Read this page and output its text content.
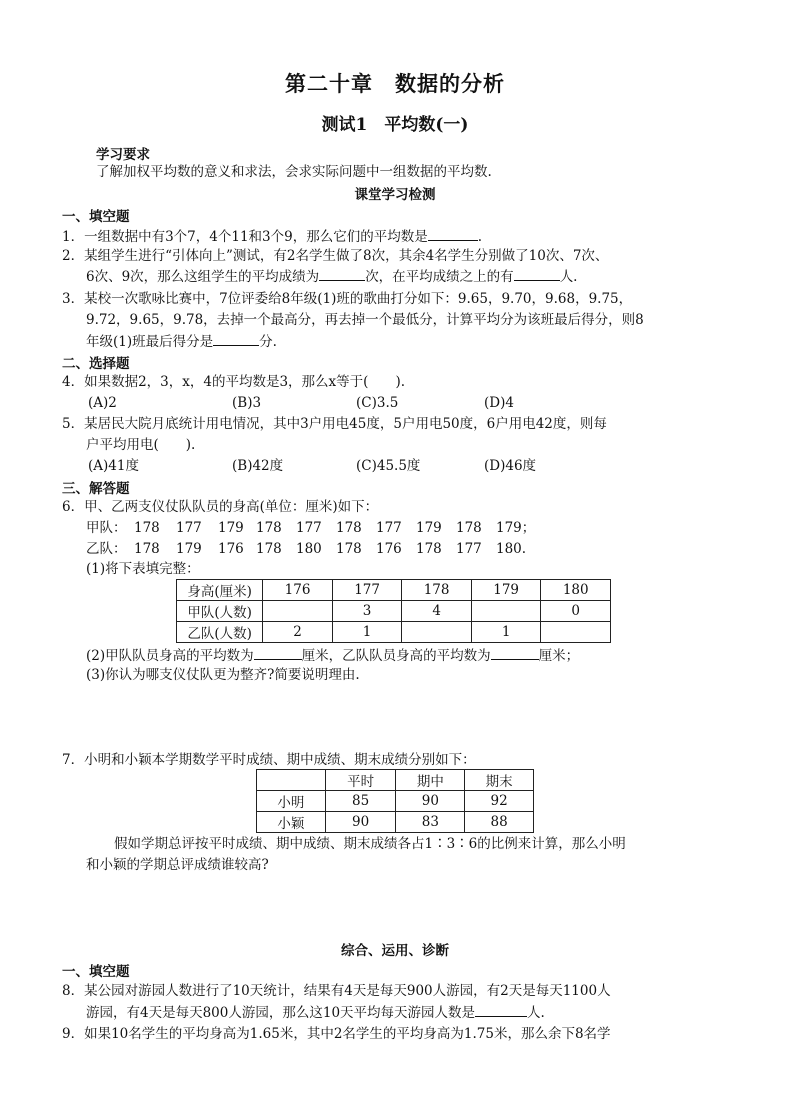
第二十章　数据的分析
测试1　平均数(一)
学习要求
了解加权平均数的意义和求法，会求实际问题中一组数据的平均数.
课堂学习检测
一、填空题
1．一组数据中有3个7，4个11和3个9，那么它们的平均数是	.
2．某组学生进行“引体向上”测试，有2名学生做了8次，其余4名学生分别做了10次、7次、
6次、9次，那么这组学生的平均成绩为	次，在平均成绩之上的有	人.
3．某校一次歌咏比赛中，7位评委给8年级(1)班的歌曲打分如下：9.65，9.70，9.68，9.75，
9.72，9.65，9.78，去掉一个最高分，再去掉一个最低分，计算平均分为该班最后得分，则8
年级(1)班最后得分是	分.
二、选择题
4．如果数据2，3，x，4的平均数是3，那么x等于(　　).
(A)2	(B)3	(C)3.5	(D)4
5．某居民大院月底统计用电情况，其中3户用电45度，5户用电50度，6户用电42度，则每
户平均用电(　　).
(A)41度	(B)42度	(C)45.5度	(D)46度
三、解答题
6．甲、乙两支仪仗队队员的身高(单位：厘米)如下：
甲队： 178 177 179 178 177 178 177 179 178 179；
乙队： 178 179 176 178 180 178 176 178 177 180.
(1)将下表填完整：
身高(厘米)	176	177	178	179	180
甲队(人数)		3	4		0
乙队(人数)	2	1		1	
(2)甲队队员身高的平均数为	厘米，乙队队员身高的平均数为	厘米；
(3)你认为哪支仪仗队更为整齐?简要说明理由.
7．小明和小颖本学期数学平时成绩、期中成绩、期末成绩分别如下：
	平时	期中	期末
小明	85	90	92
小颖	90	83	88
假如学期总评按平时成绩、期中成绩、期末成绩各占1∶3∶6的比例来计算，那么小明
和小颖的学期总评成绩谁较高?
综合、运用、诊断
一、填空题
8．某公园对游园人数进行了10天统计，结果有4天是每天900人游园，有2天是每天1100人
游园，有4天是每天800人游园，那么这10天平均每天游园人数是	人.
9．如果10名学生的平均身高为1.65米，其中2名学生的平均身高为1.75米，那么余下8名学
